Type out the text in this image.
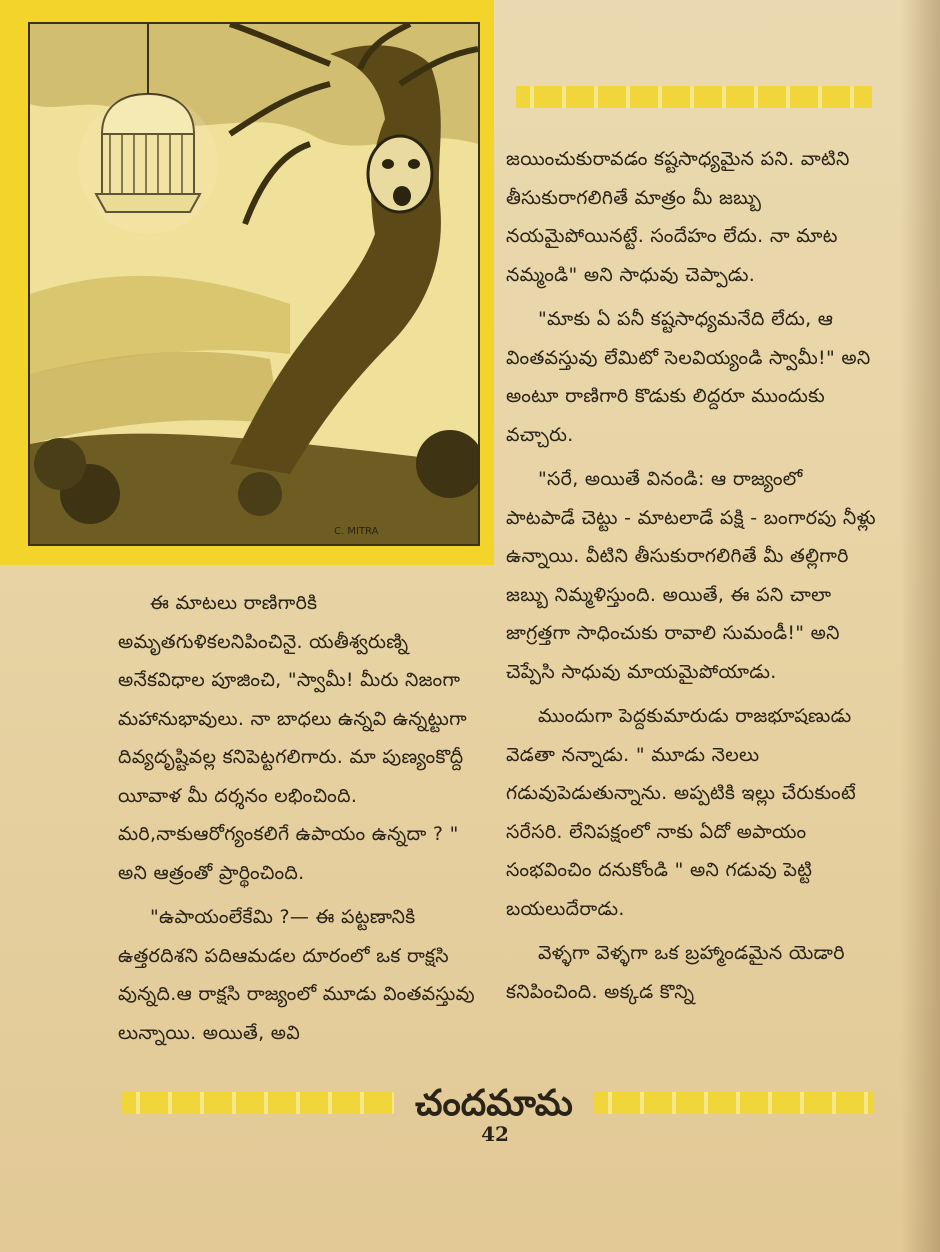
C. MITRA

జయించుకురావడం కష్టసాధ్యమైన పని. వాటిని తీసుకురాగలిగితే మాత్రం మీ జబ్బు నయమైపోయినట్టే. సందేహం లేదు. నా మాట నమ్మండి" అని సాధువు చెప్పాడు.

"మాకు ఏ పనీ కష్టసాధ్యమనేది లేదు, ఆ వింతవస్తువు లేమిటో సెలవియ్యండి స్వామీ!" అని అంటూ రాణిగారి కొడుకు లిద్దరూ ముందుకు వచ్చారు.

"సరే, అయితే వినండి: ఆ రాజ్యంలో పాటపాడే చెట్టు - మాటలాడే పక్షి - బంగారపు నీళ్లు ఉన్నాయి. వీటిని తీసుకురాగలిగితే మీ తల్లిగారి జబ్బు నిమ్మళిస్తుంది. అయితే, ఈ పని చాలా జాగ్రత్తగా సాధించుకు రావాలి సుమండీ!" అని చెప్పేసి సాధువు మాయమైపోయాడు.

ముందుగా పెద్దకుమారుడు రాజభూషణుడు వెడతా నన్నాడు. " మూడు నెలలు గడువుపెడుతున్నాను. అప్పటికి ఇల్లు చేరుకుంటే సరేసరి. లేనిపక్షంలో నాకు ఏదో అపాయం సంభవించిం దనుకోండి " అని గడువు పెట్టి బయలుదేరాడు.

వెళ్ళగా వెళ్ళగా ఒక బ్రహ్మాండమైన యెడారి కనిపించింది. అక్కడ కొన్ని

ఈ మాటలు రాణిగారికి అమృతగుళికలనిపించినై. యతీశ్వరుణ్ని అనేకవిధాల పూజించి, "స్వామీ! మీరు నిజంగా మహానుభావులు. నా బాధలు ఉన్నవి ఉన్నట్టుగా దివ్యదృష్టివల్ల కనిపెట్టగలిగారు. మా పుణ్యంకొద్దీ యీవాళ మీ దర్శనం లభించింది. మరి,నాకుఆరోగ్యంకలిగే ఉపాయం ఉన్నదా ? " అని ఆత్రంతో ప్రార్థించింది.

"ఉపాయంలేకేమి ?— ఈ పట్టణానికి ఉత్తరదిశని పదిఆమడల దూరంలో ఒక రాక్షసి వున్నది.ఆ రాక్షసి రాజ్యంలో మూడు వింతవస్తువు లున్నాయి. అయితే, అవి

చందమామ
42
